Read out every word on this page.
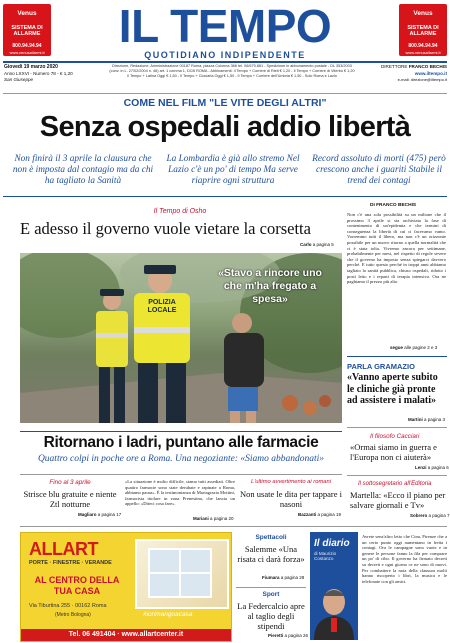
Venus
SISTEMA DI ALLARME
800.94.94.94
www.venusallarmi.it
Venus
SISTEMA DI ALLARME
800.94.94.94
www.venusallarmi.it
IL TEMPO
QUOTIDIANO INDIPENDENTE
Giovedì 19 marzo 2020
Anno LXXVI - Numero 78 - € 1,20
San Giuseppe
Direzione, Redazione, Amministrazione 00187 Roma, piazza Colonna 366 tel. 06/675.881 - Spedizione in abbonamento postale - DL 353/2003
(conv. in L. 27/02/2004 n. 46) art. 1 comma 1, DCB ROMA - Abbinamenti: Il Tempo + Corriere di Rieti € 1,20 - Il Tempo + Corriere di Viterbo € 1,20
Il Tempo + Latina Oggi € 1,50 - Il Tempo + Ciociaria Oggi € 1,50 - Il Tempo + Corriere dell'Umbria € 1,50 - Solo Roma e Lazio
DIRETTORE FRANCO BECHIS
www.iltempo.it
e-mail: direzione@iltempo.it
COME NEL FILM "LE VITE DEGLI ALTRI"
Senza ospedali addio libertà
Non finirà il 3 aprile la clausura che non è imposta dal contagio ma da chi ha tagliato la Sanità
La Lombardia è già allo stremo Nel Lazio c'è un po' di tempo Ma serve riaprire ogni struttura
Record assoluto di morti (475) però crescono anche i guariti Stabile il trend dei contagi
Il Tempo di Osho
E adesso il governo vuole vietare la corsetta
Carlo a pagina 5
POLIZIA LOCALE
«Stavo a rincore uno che m'ha fregato a spesa»
DI FRANCO BECHIS
Non c'è una sola possibilità su un milione che il prossimo 3 aprile si sia archiviata la fase di contenimento di un'epidemia e che termini di conseguenza la libertà di cui ci facevamo vanto. Vorremmo tutti il libero, ma non c'è un orizzonte possibile per un nuovo ritorno a quella normalità che ci è stata tolta. Vivremo ancora per settimane, probabilmente per mesi, nel rispetto di regole severe che il governo ha imposto senza spiegarci davvero perché. E tutto questo perché in troppi anni abbiamo tagliato la sanità pubblica, chiuso ospedali, ridotto i posti letto e i reparti di terapia intensiva. Ora ne paghiamo il prezzo più alto.
segue alle pagine 2 e 3
PARLA GRAMAZIO
«Vanno aperte subito le cliniche già pronte ad assistere i malati»
Martini a pagina 3
Il filosofo Cacciari
«Ormai siamo in guerra e l'Europa non ci aiuterà»
Lenzi a pagina 6
Il sottosegretario all'Editoria
Martella: «Ecco il piano per salvare giornali e Tv»
Sobrero a pagina 7
Ritornano i ladri, puntano alle farmacie
Quattro colpi in poche ore a Roma. Una negoziante: «Siamo abbandonati»
Fino al 3 aprile
Strisce blu gratuite e niente Ztl notturne
Magliaro a pagina 17
«La situazione è molto difficile, siamo tutti assediati. Oltre quattro farmacie sono state derubate e rapinate a Roma, abbiamo paura». È la testimonianza di Mariagrazia Mottini, farmacista titolare in zona Prenestina, che lancia un appello: «Diteci cosa fare».
Mariani a pagina 20
L'ultimo avvertimento ai romani
Non usate le dita per tappare i nasoni
Bazzanti a pagina 19
ALLART
PORTE · FINESTRE · VERANDE
AL CENTRO DELLA TUA CASA
Via Tiburtina 255 · 00162 Roma
(Metro Bologna)	#iorimangoacasa
Tel. 06 491404 · www.allartcenter.it
Spettacoli
Salemme «Una risata ci darà forza»
Fiumara a pagina 28
Sport
La Federcalcio apre al taglio degli stipendi
Pieretti a pagina 26
Il diario
di Maurizio Costanzo
Avrete senz'altro letto che Cina, Pirenze che a un certo punto oggi aumentano in fretta i contagi. Ora le campagne sono vuote e in genere le persone fanno la fila per comprare un po' di cibo. Il governo ha firmato decreti su decreti e ogni giorno ce ne sono di nuovi. Per combattere la noia della clausura molti hanno riscoperto i libri, la musica e le telefonate con gli amici.
